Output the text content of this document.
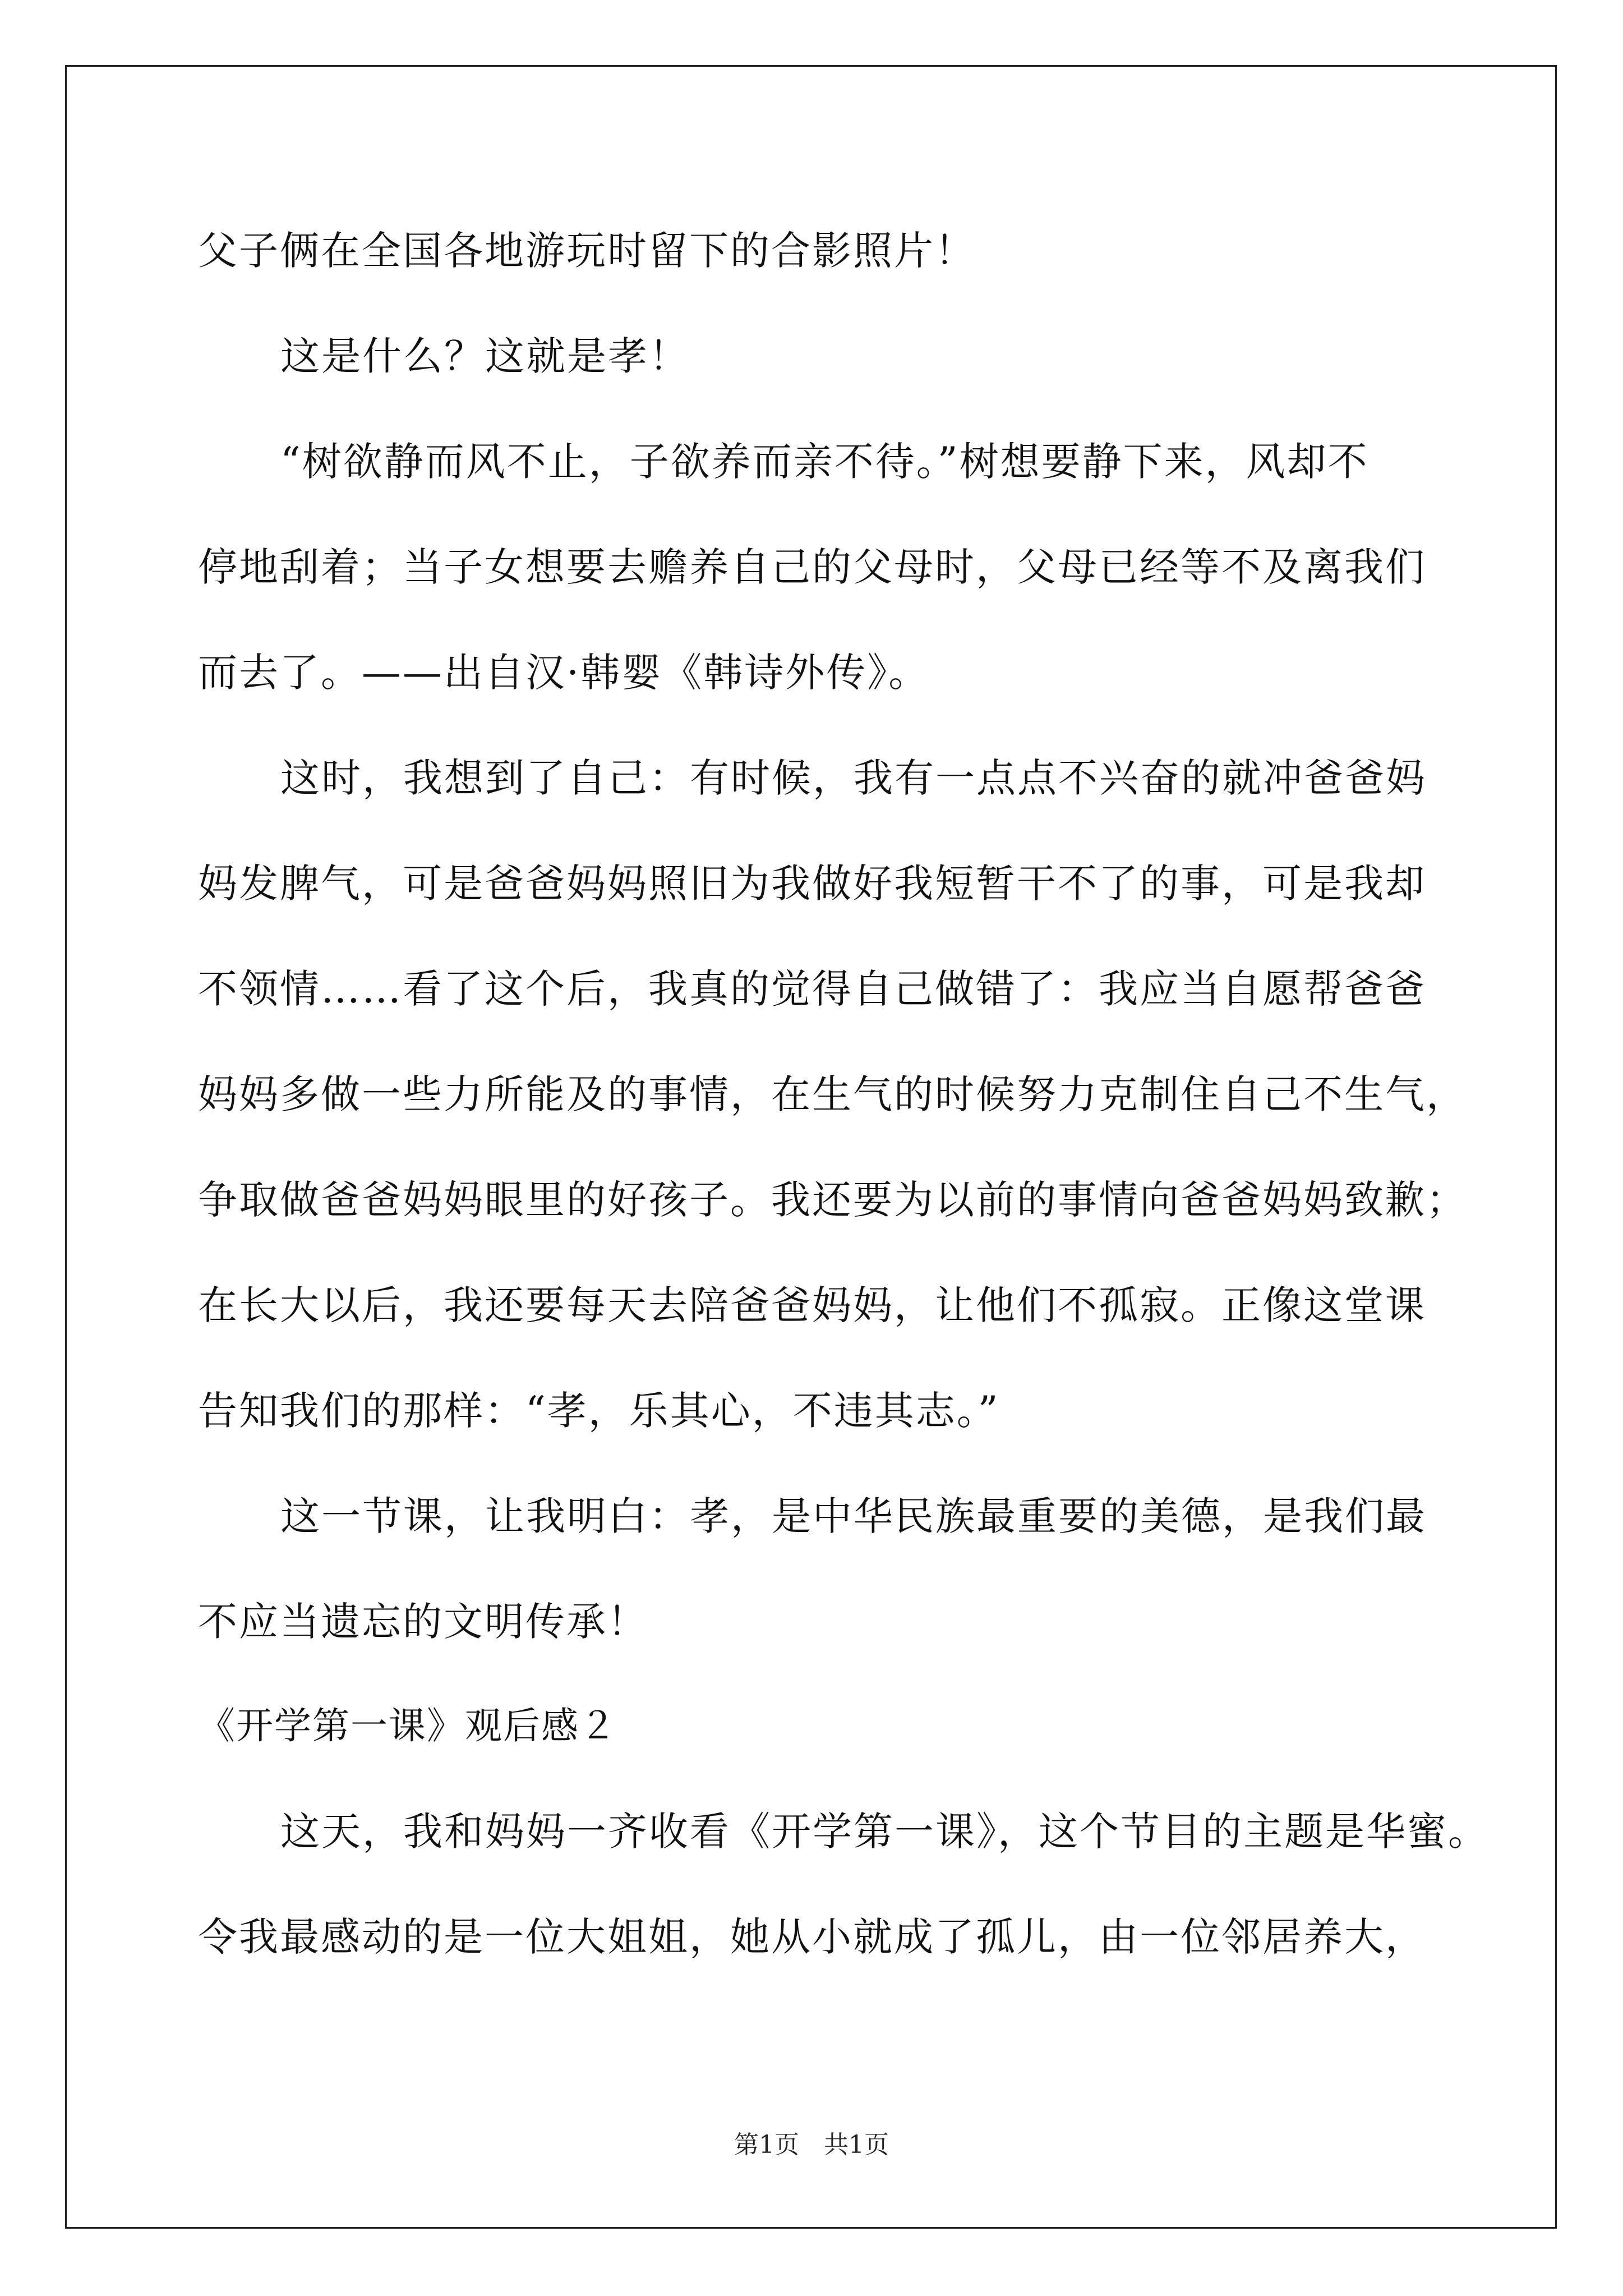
父子俩在全国各地游玩时留下的合影照片！
这是什么？这就是孝！
“树欲静而风不止，子欲养而亲不待。”树想要静下来，风却不
停地刮着；当子女想要去赡养自己的父母时，父母已经等不及离我们
而去了。——出自汉·韩婴《韩诗外传》。
这时，我想到了自己：有时候，我有一点点不兴奋的就冲爸爸妈
妈发脾气，可是爸爸妈妈照旧为我做好我短暂干不了的事，可是我却
不领情……看了这个后，我真的觉得自己做错了：我应当自愿帮爸爸
妈妈多做一些力所能及的事情，在生气的时候努力克制住自己不生气，
争取做爸爸妈妈眼里的好孩子。我还要为以前的事情向爸爸妈妈致歉；
在长大以后，我还要每天去陪爸爸妈妈，让他们不孤寂。正像这堂课
告知我们的那样：“孝，乐其心，不违其志。”
这一节课，让我明白：孝，是中华民族最重要的美德，是我们最
不应当遗忘的文明传承！
《开学第一课》观后感２
这天，我和妈妈一齐收看《开学第一课》，这个节目的主题是华蜜。
令我最感动的是一位大姐姐，她从小就成了孤儿，由一位邻居养大，
第1页　共1页
